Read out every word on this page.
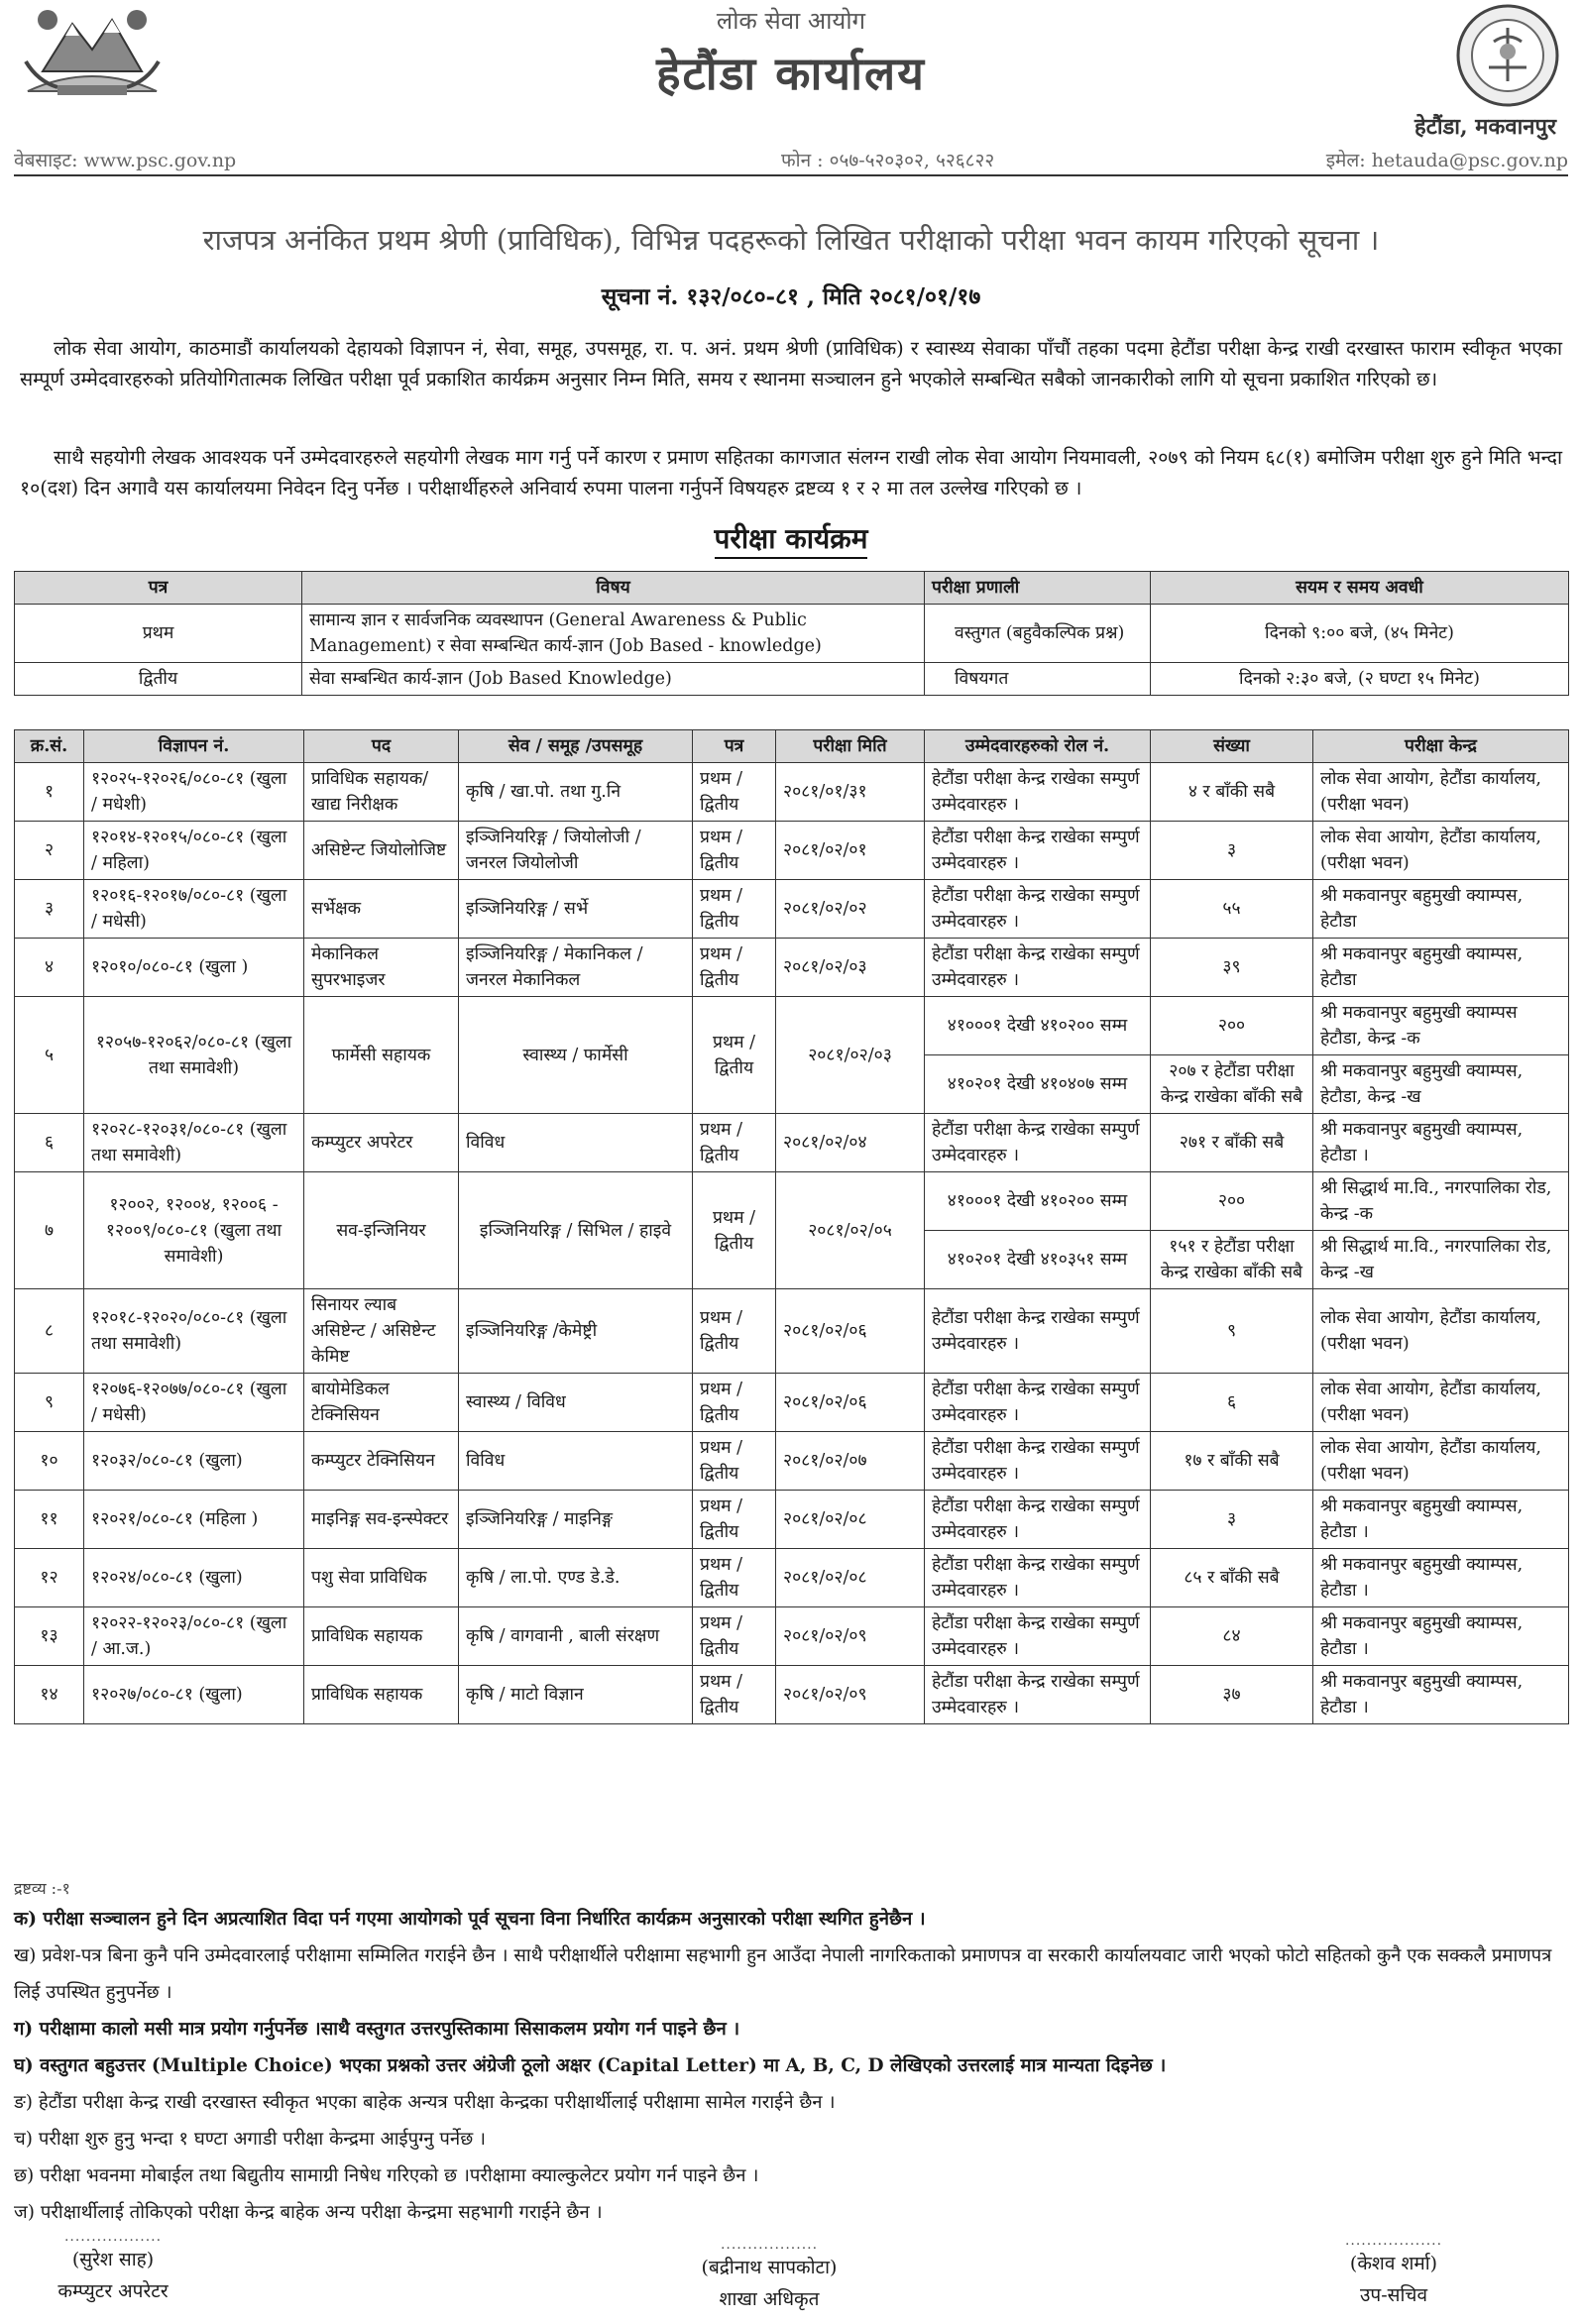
लोक सेवा आयोग
हेटौंडा कार्यालय
हेटौंडा, मकवानपुर
वेबसाइट: www.psc.gov.np	फोन : ०५७-५२०३०२, ५२६८२२	इमेल: hetauda@psc.gov.np
राजपत्र अनंकित प्रथम श्रेणी (प्राविधिक), विभिन्न पदहरूको लिखित परीक्षाको परीक्षा भवन कायम गरिएको सूचना ।
सूचना नं. १३२/०८०-८१ , मिति २०८१/०१/१७
लोक सेवा आयोग, काठमाडौं कार्यालयको देहायको विज्ञापन नं, सेवा, समूह, उपसमूह, रा. प. अनं. प्रथम श्रेणी (प्राविधिक) र स्वास्थ्य सेवाका पाँचौं तहका पदमा हेटौंडा परीक्षा केन्द्र राखी दरखास्त फाराम स्वीकृत भएका सम्पूर्ण उम्मेदवारहरुको प्रतियोगितात्मक लिखित परीक्षा पूर्व प्रकाशित कार्यक्रम अनुसार निम्न मिति, समय र स्थानमा सञ्चालन हुने भएकोले सम्बन्धित सबैको जानकारीको लागि यो सूचना प्रकाशित गरिएको छ।
साथै सहयोगी लेखक आवश्यक पर्ने उम्मेदवारहरुले सहयोगी लेखक माग गर्नु पर्ने कारण र प्रमाण सहितका कागजात संलग्न राखी लोक सेवा आयोग नियमावली, २०७९ को नियम ६८(१) बमोजिम परीक्षा शुरु हुने मिति भन्दा १०(दश) दिन अगावै यस कार्यालयमा निवेदन दिनु पर्नेछ । परीक्षार्थीहरुले अनिवार्य रुपमा पालना गर्नुपर्ने विषयहरु द्रष्टव्य १ र २ मा तल उल्लेख गरिएको छ ।
परीक्षा कार्यक्रम
पत्र	विषय	परीक्षा प्रणाली	सयम र समय अवधी
प्रथम	सामान्य ज्ञान र सार्वजनिक व्यवस्थापन (General Awareness & Public Management) र सेवा सम्बन्धित कार्य-ज्ञान (Job Based - knowledge)	वस्तुगत (बहुवैकल्पिक प्रश्न)	दिनको ९:०० बजे, (४५ मिनेट)
द्वितीय	सेवा सम्बन्धित कार्य-ज्ञान (Job Based Knowledge)	विषयगत	दिनको २:३० बजे, (२ घण्टा १५ मिनेट)
क्र.सं.	विज्ञापन नं.	पद	सेव / समूह /उपसमूह	पत्र	परीक्षा मिति	उम्मेदवारहरुको रोल नं.	संख्या	परीक्षा केन्द्र
१	१२०२५-१२०२६/०८०-८१ (खुला / मधेशी)	प्राविधिक सहायक/ खाद्य निरीक्षक	कृषि / खा.पो. तथा गु.नि	प्रथम / द्वितीय	२०८१/०१/३१	हेटौंडा परीक्षा केन्द्र राखेका सम्पुर्ण उम्मेदवारहरु ।	४ र बाँकी सबै	लोक सेवा आयोग, हेटौंडा कार्यालय, (परीक्षा भवन)
२	१२०१४-१२०१५/०८०-८१ (खुला / महिला)	असिष्टेन्ट जियोलोजिष्ट	इञ्जिनियरिङ्ग / जियोलोजी / जनरल जियोलोजी	प्रथम / द्वितीय	२०८१/०२/०१	हेटौंडा परीक्षा केन्द्र राखेका सम्पुर्ण उम्मेदवारहरु ।	३	लोक सेवा आयोग, हेटौंडा कार्यालय, (परीक्षा भवन)
३	१२०१६-१२०१७/०८०-८१ (खुला / मधेसी)	सर्भेक्षक	इञ्जिनियरिङ्ग / सर्भे	प्रथम / द्वितीय	२०८१/०२/०२	हेटौंडा परीक्षा केन्द्र राखेका सम्पुर्ण उम्मेदवारहरु ।	५५	श्री मकवानपुर बहुमुखी क्याम्पस, हेटौडा
४	१२०१०/०८०-८१ (खुला )	मेकानिकल सुपरभाइजर	इञ्जिनियरिङ्ग / मेकानिकल / जनरल मेकानिकल	प्रथम / द्वितीय	२०८१/०२/०३	हेटौंडा परीक्षा केन्द्र राखेका सम्पुर्ण उम्मेदवारहरु ।	३९	श्री मकवानपुर बहुमुखी क्याम्पस, हेटौडा
५	१२०५७-१२०६२/०८०-८१ (खुला तथा समावेशी)	फार्मेसी सहायक	स्वास्थ्य / फार्मेसी	प्रथम / द्वितीय	२०८१/०२/०३	४१०००१ देखी ४१०२०० सम्म	२००	श्री मकवानपुर बहुमुखी क्याम्पस हेटौडा, केन्द्र -क
						४१०२०१ देखी ४१०४०७ सम्म	२०७ र हेटौंडा परीक्षा केन्द्र राखेका बाँकी सबै	श्री मकवानपुर बहुमुखी क्याम्पस, हेटौडा, केन्द्र -ख
६	१२०२८-१२०३१/०८०-८१ (खुला तथा समावेशी)	कम्प्युटर अपरेटर	विविध	प्रथम / द्वितीय	२०८१/०२/०४	हेटौंडा परीक्षा केन्द्र राखेका सम्पुर्ण उम्मेदवारहरु ।	२७१ र बाँकी सबै	श्री मकवानपुर बहुमुखी क्याम्पस, हेटौडा ।
७	१२००२, १२००४, १२००६ - १२००९/०८०-८१ (खुला तथा समावेशी)	सव-इन्जिनियर	इञ्जिनियरिङ्ग / सिभिल / हाइवे	प्रथम / द्वितीय	२०८१/०२/०५	४१०००१ देखी ४१०२०० सम्म	२००	श्री सिद्धार्थ मा.वि., नगरपालिका रोड, केन्द्र -क
						४१०२०१ देखी ४१०३५१ सम्म	१५१ र हेटौंडा परीक्षा केन्द्र राखेका बाँकी सबै	श्री सिद्धार्थ मा.वि., नगरपालिका रोड, केन्द्र -ख
८	१२०१८-१२०२०/०८०-८१ (खुला तथा समावेशी)	सिनायर ल्याब असिष्टेन्ट / असिष्टेन्ट केमिष्ट	इञ्जिनियरिङ्ग /केमेष्ट्री	प्रथम / द्वितीय	२०८१/०२/०६	हेटौंडा परीक्षा केन्द्र राखेका सम्पुर्ण उम्मेदवारहरु ।	९	लोक सेवा आयोग, हेटौंडा कार्यालय, (परीक्षा भवन)
९	१२०७६-१२०७७/०८०-८१ (खुला / मधेसी)	बायोमेडिकल टेक्निसियन	स्वास्थ्य / विविध	प्रथम / द्वितीय	२०८१/०२/०६	हेटौंडा परीक्षा केन्द्र राखेका सम्पुर्ण उम्मेदवारहरु ।	६	लोक सेवा आयोग, हेटौंडा कार्यालय, (परीक्षा भवन)
१०	१२०३२/०८०-८१ (खुला)	कम्प्युटर टेक्निसियन	विविध	प्रथम / द्वितीय	२०८१/०२/०७	हेटौंडा परीक्षा केन्द्र राखेका सम्पुर्ण उम्मेदवारहरु ।	१७ र बाँकी सबै	लोक सेवा आयोग, हेटौंडा कार्यालय, (परीक्षा भवन)
११	१२०२१/०८०-८१ (महिला )	माइनिङ्ग सव-इन्स्पेक्टर	इञ्जिनियरिङ्ग / माइनिङ्ग	प्रथम / द्वितीय	२०८१/०२/०८	हेटौंडा परीक्षा केन्द्र राखेका सम्पुर्ण उम्मेदवारहरु ।	३	श्री मकवानपुर बहुमुखी क्याम्पस, हेटौडा ।
१२	१२०२४/०८०-८१ (खुला)	पशु सेवा प्राविधिक	कृषि / ला.पो. एण्ड डे.डे.	प्रथम / द्वितीय	२०८१/०२/०८	हेटौंडा परीक्षा केन्द्र राखेका सम्पुर्ण उम्मेदवारहरु ।	८५ र बाँकी सबै	श्री मकवानपुर बहुमुखी क्याम्पस, हेटौडा ।
१३	१२०२२-१२०२३/०८०-८१ (खुला / आ.ज.)	प्राविधिक सहायक	कृषि / वागवानी , बाली संरक्षण	प्रथम / द्वितीय	२०८१/०२/०९	हेटौंडा परीक्षा केन्द्र राखेका सम्पुर्ण उम्मेदवारहरु ।	८४	श्री मकवानपुर बहुमुखी क्याम्पस, हेटौडा ।
१४	१२०२७/०८०-८१ (खुला)	प्राविधिक सहायक	कृषि / माटो विज्ञान	प्रथम / द्वितीय	२०८१/०२/०९	हेटौंडा परीक्षा केन्द्र राखेका सम्पुर्ण उम्मेदवारहरु ।	३७	श्री मकवानपुर बहुमुखी क्याम्पस, हेटौडा ।
द्रष्टव्य :-१
क) परीक्षा सञ्चालन हुने दिन अप्रत्याशित विदा पर्न गएमा आयोगको पूर्व सूचना विना निर्धारित कार्यक्रम अनुसारको परीक्षा स्थगित हुनेछैन ।
ख) प्रवेश-पत्र बिना कुनै पनि उम्मेदवारलाई परीक्षामा सम्मिलित गराईने छैन । साथै परीक्षार्थीले परीक्षामा सहभागी हुन आउँदा नेपाली नागरिकताको प्रमाणपत्र वा सरकारी कार्यालयवाट जारी भएको फोटो सहितको कुनै एक सक्कलै प्रमाणपत्र लिई उपस्थित हुनुपर्नेछ ।
ग) परीक्षामा कालो मसी मात्र प्रयोग गर्नुपर्नेछ ।साथै वस्तुगत उत्तरपुस्तिकामा सिसाकलम प्रयोग गर्न पाइने छैन ।
घ) वस्तुगत बहुउत्तर (Multiple Choice) भएका प्रश्नको उत्तर अंग्रेजी ठूलो अक्षर (Capital Letter) मा A, B, C, D लेखिएको उत्तरलाई मात्र मान्यता दिइनेछ ।
ङ) हेटौंडा परीक्षा केन्द्र राखी दरखास्त स्वीकृत भएका बाहेक अन्यत्र परीक्षा केन्द्रका परीक्षार्थीलाई परीक्षामा सामेल गराईने छैन ।
च) परीक्षा शुरु हुनु भन्दा १ घण्टा अगाडी परीक्षा केन्द्रमा आईपुग्नु पर्नेछ ।
छ) परीक्षा भवनमा मोबाईल तथा बिद्युतीय सामाग्री निषेध गरिएको छ ।परीक्षामा क्याल्कुलेटर प्रयोग गर्न पाइने छैन ।
ज) परीक्षार्थीलाई तोकिएको परीक्षा केन्द्र बाहेक अन्य परीक्षा केन्द्रमा सहभागी गराईने छैन ।
..................
(सुरेश साह)
कम्प्युटर अपरेटर
..................
(बद्रीनाथ सापकोटा)
शाखा अधिकृत
..................
(केशव शर्मा)
उप-सचिव
